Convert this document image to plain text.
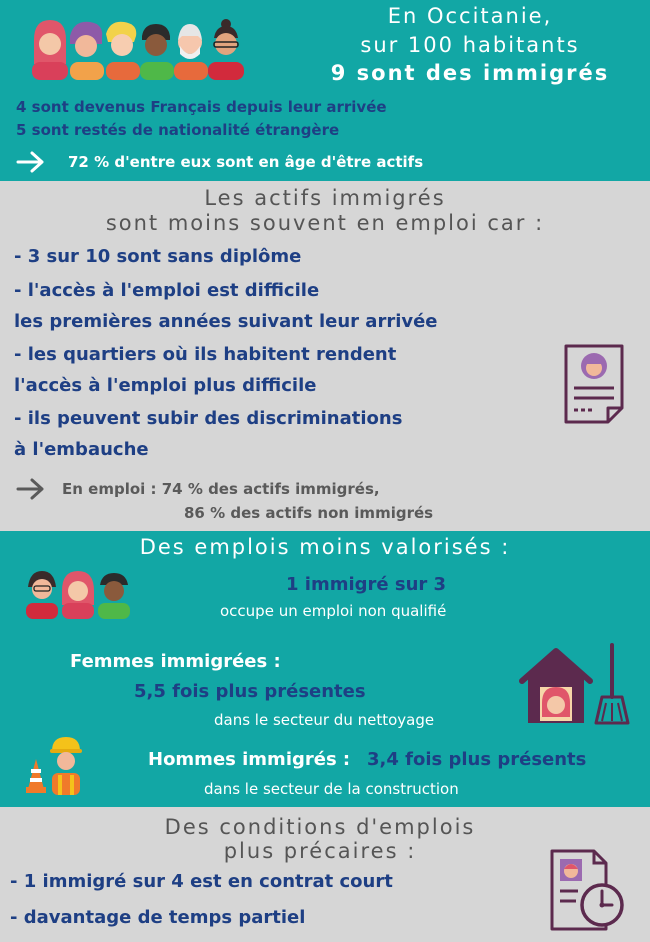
En Occitanie,
sur 100 habitants
9 sont des immigrés
4 sont devenus Français depuis leur arrivée
5 sont restés de nationalité étrangère
72 % d'entre eux sont en âge d'être actifs
Les actifs immigrés
sont moins souvent en emploi car :
- 3 sur 10 sont sans diplôme
- l'accès à l'emploi est difficile
les premières années suivant leur arrivée
- les quartiers où ils habitent rendent
l'accès à l'emploi plus difficile
- ils peuvent subir des discriminations
à l'embauche
En emploi : 74 % des actifs immigrés,
86 % des actifs non immigrés
Des emplois moins valorisés :
1 immigré sur 3
occupe un emploi non qualifié
Femmes immigrées :
5,5 fois plus présentes
dans le secteur du nettoyage
Hommes immigrés : 3,4 fois plus présents
dans le secteur de la construction
Des conditions d'emplois
plus précaires :
- 1 immigré sur 4 est en contrat court
- davantage de temps partiel
